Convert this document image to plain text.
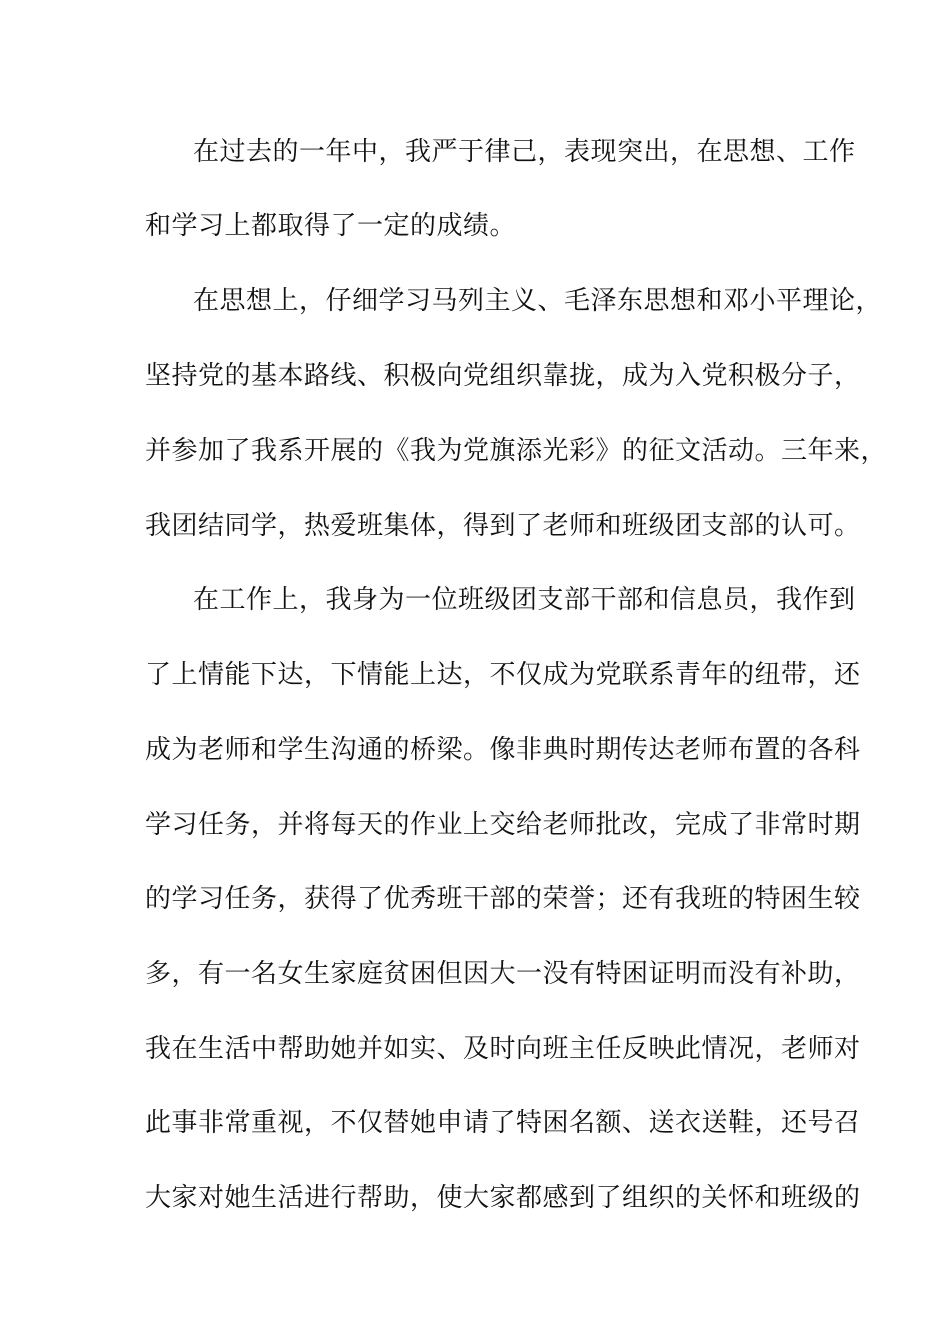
在过去的一年中，我严于律己，表现突出，在思想、工作
和学习上都取得了一定的成绩。
在思想上，仔细学习马列主义、毛泽东思想和邓小平理论，
坚持党的基本路线、积极向党组织靠拢，成为入党积极分子，
并参加了我系开展的《我为党旗添光彩》的征文活动。三年来，
我团结同学，热爱班集体，得到了老师和班级团支部的认可。
在工作上，我身为一位班级团支部干部和信息员，我作到
了上情能下达，下情能上达，不仅成为党联系青年的纽带，还
成为老师和学生沟通的桥梁。像非典时期传达老师布置的各科
学习任务，并将每天的作业上交给老师批改，完成了非常时期
的学习任务，获得了优秀班干部的荣誉；还有我班的特困生较
多，有一名女生家庭贫困但因大一没有特困证明而没有补助，
我在生活中帮助她并如实、及时向班主任反映此情况，老师对
此事非常重视，不仅替她申请了特困名额、送衣送鞋，还号召
大家对她生活进行帮助，使大家都感到了组织的关怀和班级的
